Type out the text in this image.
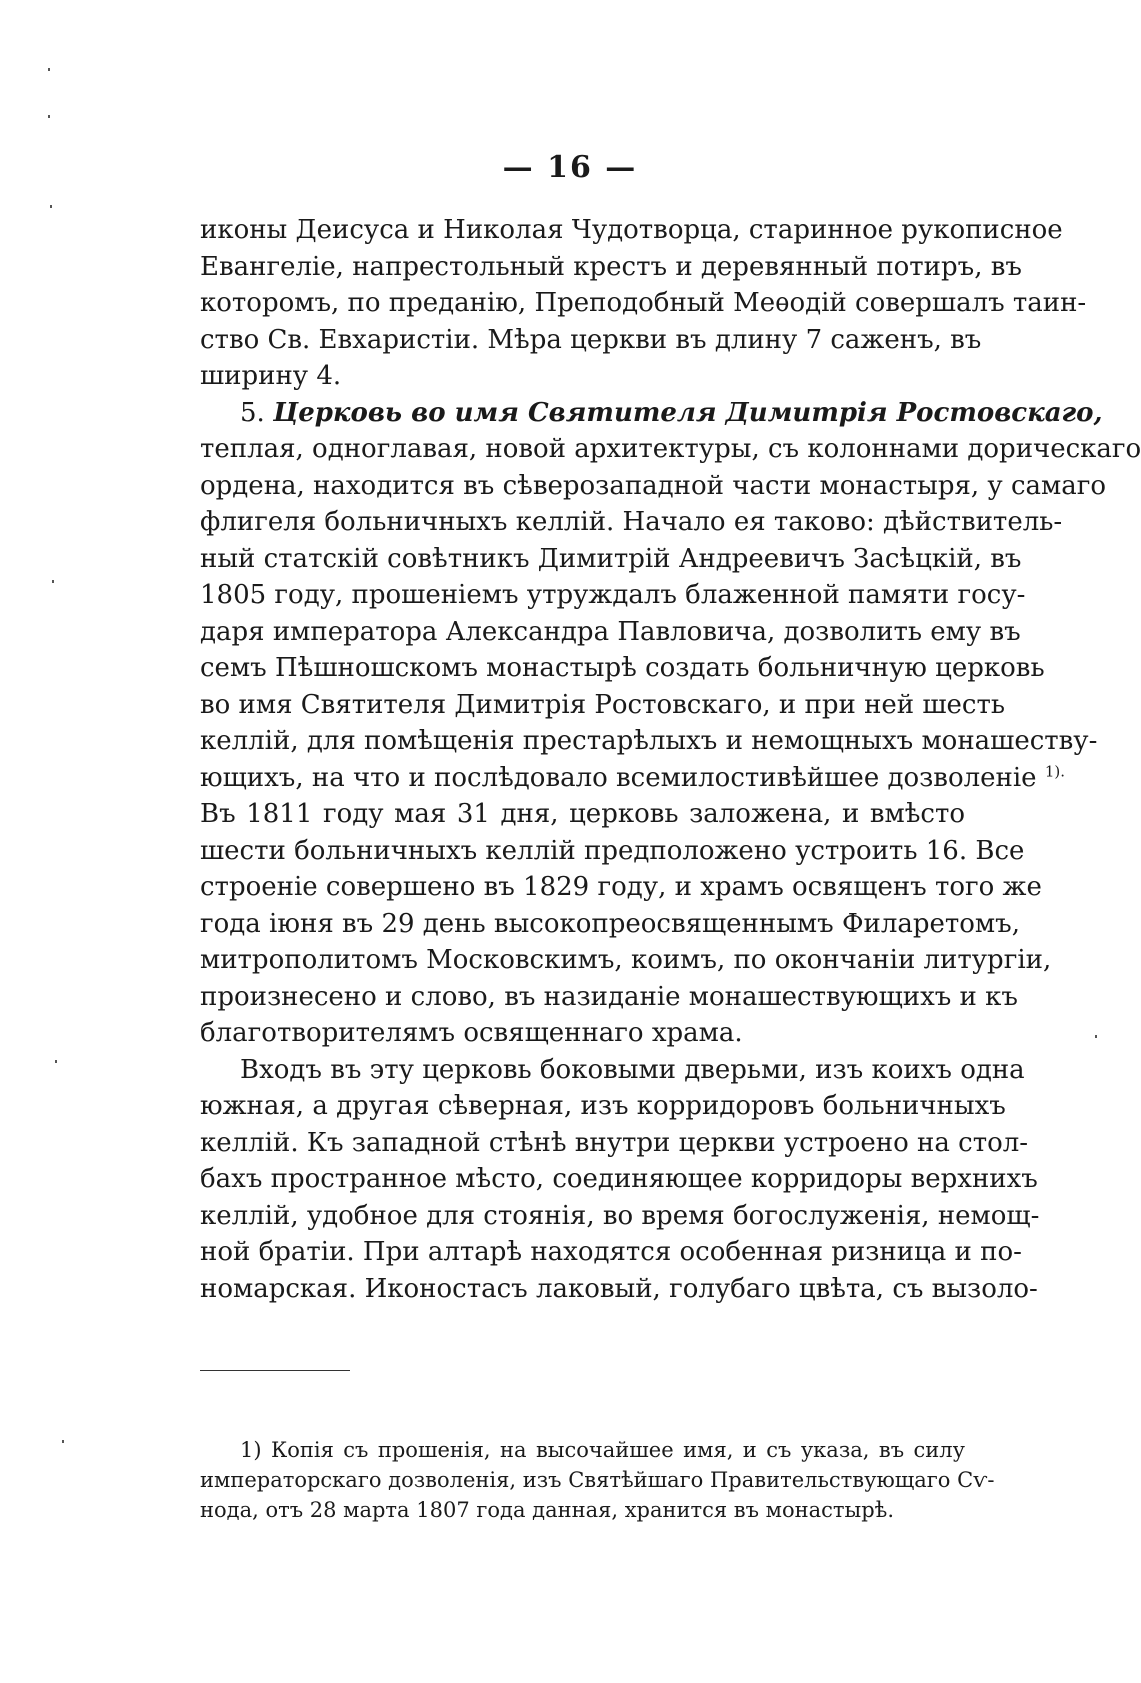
— 16 —
иконы Деисуса и Николая Чудотворца, старинное рукописное
Евангеліе, напрестольный крестъ и деревянный потиръ, въ
которомъ, по преданію, Преподобный Меѳодій совершалъ таин-
ство Св. Евхаристіи. Мѣра церкви въ длину 7 саженъ, въ
ширину 4.
5. Церковь во имя Святителя Димитрія Ростовскаго,
теплая, одноглавая, новой архитектуры, съ колоннами дорическаго
ордена, находится въ сѣверозападной части монастыря, у самаго
флигеля больничныхъ келлій. Начало ея таково: дѣйствитель-
ный статскій совѣтникъ Димитрій Андреевичъ Засѣцкій, въ
1805 году, прошеніемъ утруждалъ блаженной памяти госу-
даря императора Александра Павловича, дозволить ему въ
семъ Пѣшношскомъ монастырѣ создать больничную церковь
во имя Святителя Димитрія Ростовскаго, и при ней шесть
келлій, для помѣщенія престарѣлыхъ и немощныхъ монашеству-
ющихъ, на что и послѣдовало всемилостивѣйшее дозволеніе $^{1).}$
Въ 1811 году мая 31 дня, церковь заложена, и вмѣсто
шести больничныхъ келлій предположено устроить 16. Все
строеніе совершено въ 1829 году, и храмъ освященъ того же
года іюня въ 29 день высокопреосвященнымъ Филаретомъ,
митрополитомъ Московскимъ, коимъ, по окончаніи литургіи,
произнесено и слово, въ назиданіе монашествующихъ и къ
благотворителямъ освященнаго храма.
Входъ въ эту церковь боковыми дверьми, изъ коихъ одна
южная, а другая сѣверная, изъ корридоровъ больничныхъ
келлій. Къ западной стѣнѣ внутри церкви устроено на стол-
бахъ пространное мѣсто, соединяющее корридоры верхнихъ
келлій, удобное для стоянія, во время богослуженія, немощ-
ной братіи. При алтарѣ находятся особенная ризница и по-
номарская. Иконостасъ лаковый, голубаго цвѣта, съ вызоло-
1) Копія съ прошенія, на высочайшее имя, и съ указа, въ силу
императорскаго дозволенія, изъ Святѣйшаго Правительствующаго Сѵ-
нода, отъ 28 марта 1807 года данная, хранится въ монастырѣ.
